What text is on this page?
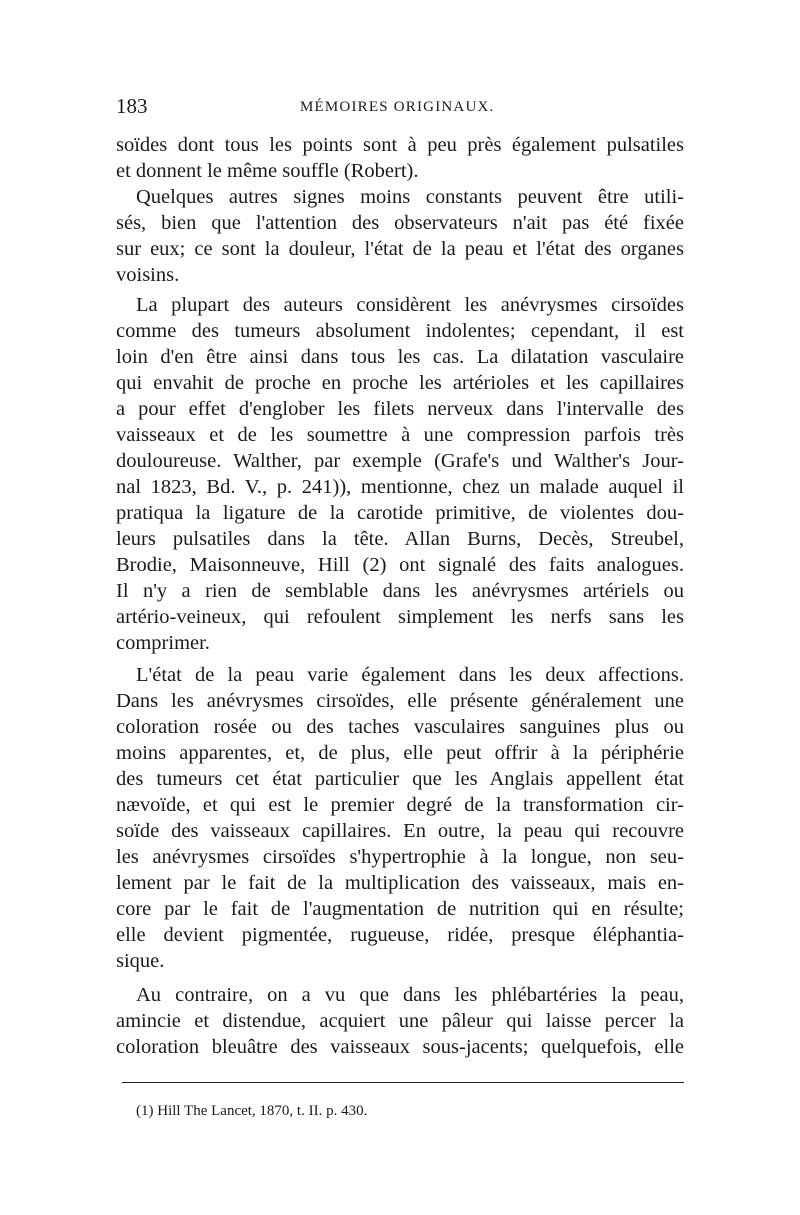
183	MÉMOIRES ORIGINAUX.
soïdes dont tous les points sont à peu près également pulsatiles
et donnent le même souffle (Robert).
Quelques autres signes moins constants peuvent être utili-
sés, bien que l'attention des observateurs n'ait pas été fixée
sur eux; ce sont la douleur, l'état de la peau et l'état des organes
voisins.
La plupart des auteurs considèrent les anévrysmes cirsoïdes
comme des tumeurs absolument indolentes; cependant, il est
loin d'en être ainsi dans tous les cas. La dilatation vasculaire
qui envahit de proche en proche les artérioles et les capillaires
a pour effet d'englober les filets nerveux dans l'intervalle des
vaisseaux et de les soumettre à une compression parfois très
douloureuse. Walther, par exemple (Grafe's und Walther's Jour-
nal 1823, Bd. V., p. 241)), mentionne, chez un malade auquel il
pratiqua la ligature de la carotide primitive, de violentes dou-
leurs pulsatiles dans la tête. Allan Burns, Decès, Streubel,
Brodie, Maisonneuve, Hill (2) ont signalé des faits analogues.
Il n'y a rien de semblable dans les anévrysmes artériels ou
artério-veineux, qui refoulent simplement les nerfs sans les
comprimer.
L'état de la peau varie également dans les deux affections.
Dans les anévrysmes cirsoïdes, elle présente généralement une
coloration rosée ou des taches vasculaires sanguines plus ou
moins apparentes, et, de plus, elle peut offrir à la périphérie
des tumeurs cet état particulier que les Anglais appellent état
nævoïde, et qui est le premier degré de la transformation cir-
soïde des vaisseaux capillaires. En outre, la peau qui recouvre
les anévrysmes cirsoïdes s'hypertrophie à la longue, non seu-
lement par le fait de la multiplication des vaisseaux, mais en-
core par le fait de l'augmentation de nutrition qui en résulte;
elle devient pigmentée, rugueuse, ridée, presque éléphantia-
sique.
Au contraire, on a vu que dans les phlébartéries la peau,
amincie et distendue, acquiert une pâleur qui laisse percer la
coloration bleuâtre des vaisseaux sous-jacents; quelquefois, elle
(1) Hill The Lancet, 1870, t. II. p. 430.
